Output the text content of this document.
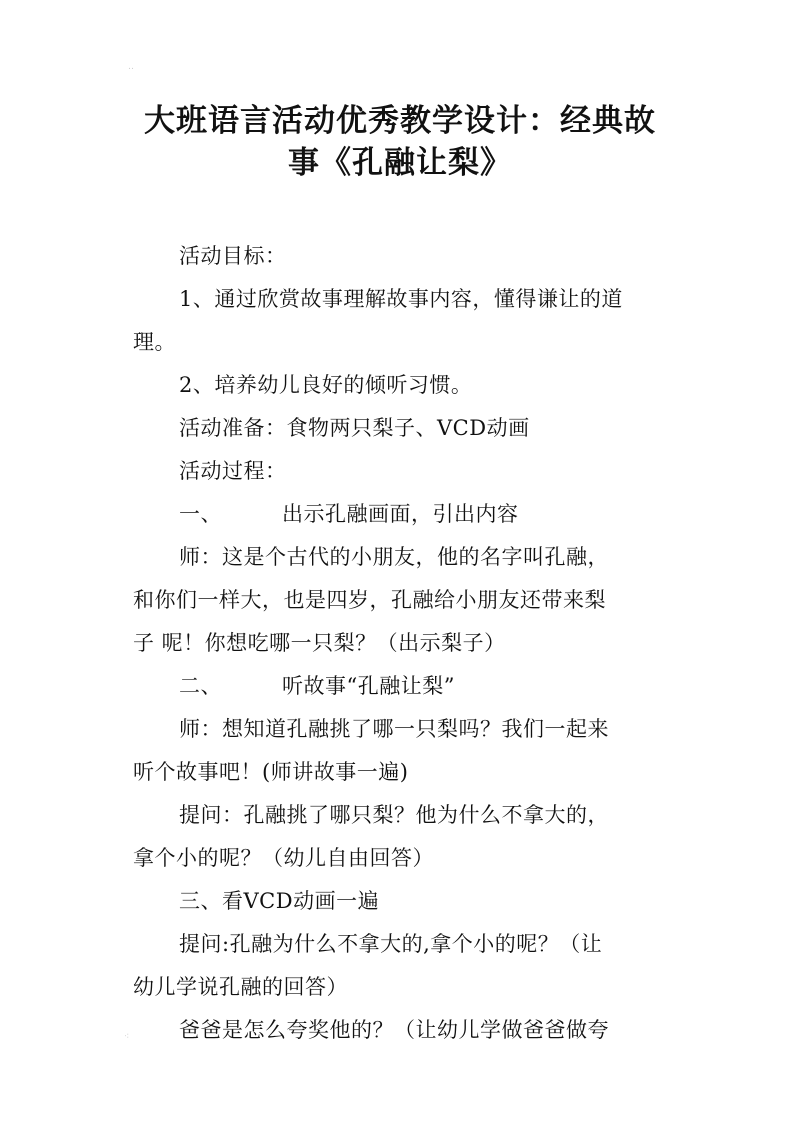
‥
⁖
大班语言活动优秀教学设计：经典故
事《孔融让梨》

活动目标：

1、通过欣赏故事理解故事内容，懂得谦让的道
理。

2、培养幼儿良好的倾听习惯。

活动准备：食物两只梨子、VCD动画

活动过程：

一、	出示孔融画面，引出内容

师：这是个古代的小朋友，他的名字叫孔融，
和你们一样大，也是四岁，孔融给小朋友还带来梨
子 呢！你想吃哪一只梨？（出示梨子）

二、	听故事“孔融让梨”

师：想知道孔融挑了哪一只梨吗？我们一起来
听个故事吧！(师讲故事一遍)

提问：孔融挑了哪只梨？他为什么不拿大的，
拿个小的呢？（幼儿自由回答）

三、看VCD动画一遍

提问:孔融为什么不拿大的,拿个小的呢？（让
幼儿学说孔融的回答）

爸爸是怎么夸奖他的？（让幼儿学做爸爸做夸
